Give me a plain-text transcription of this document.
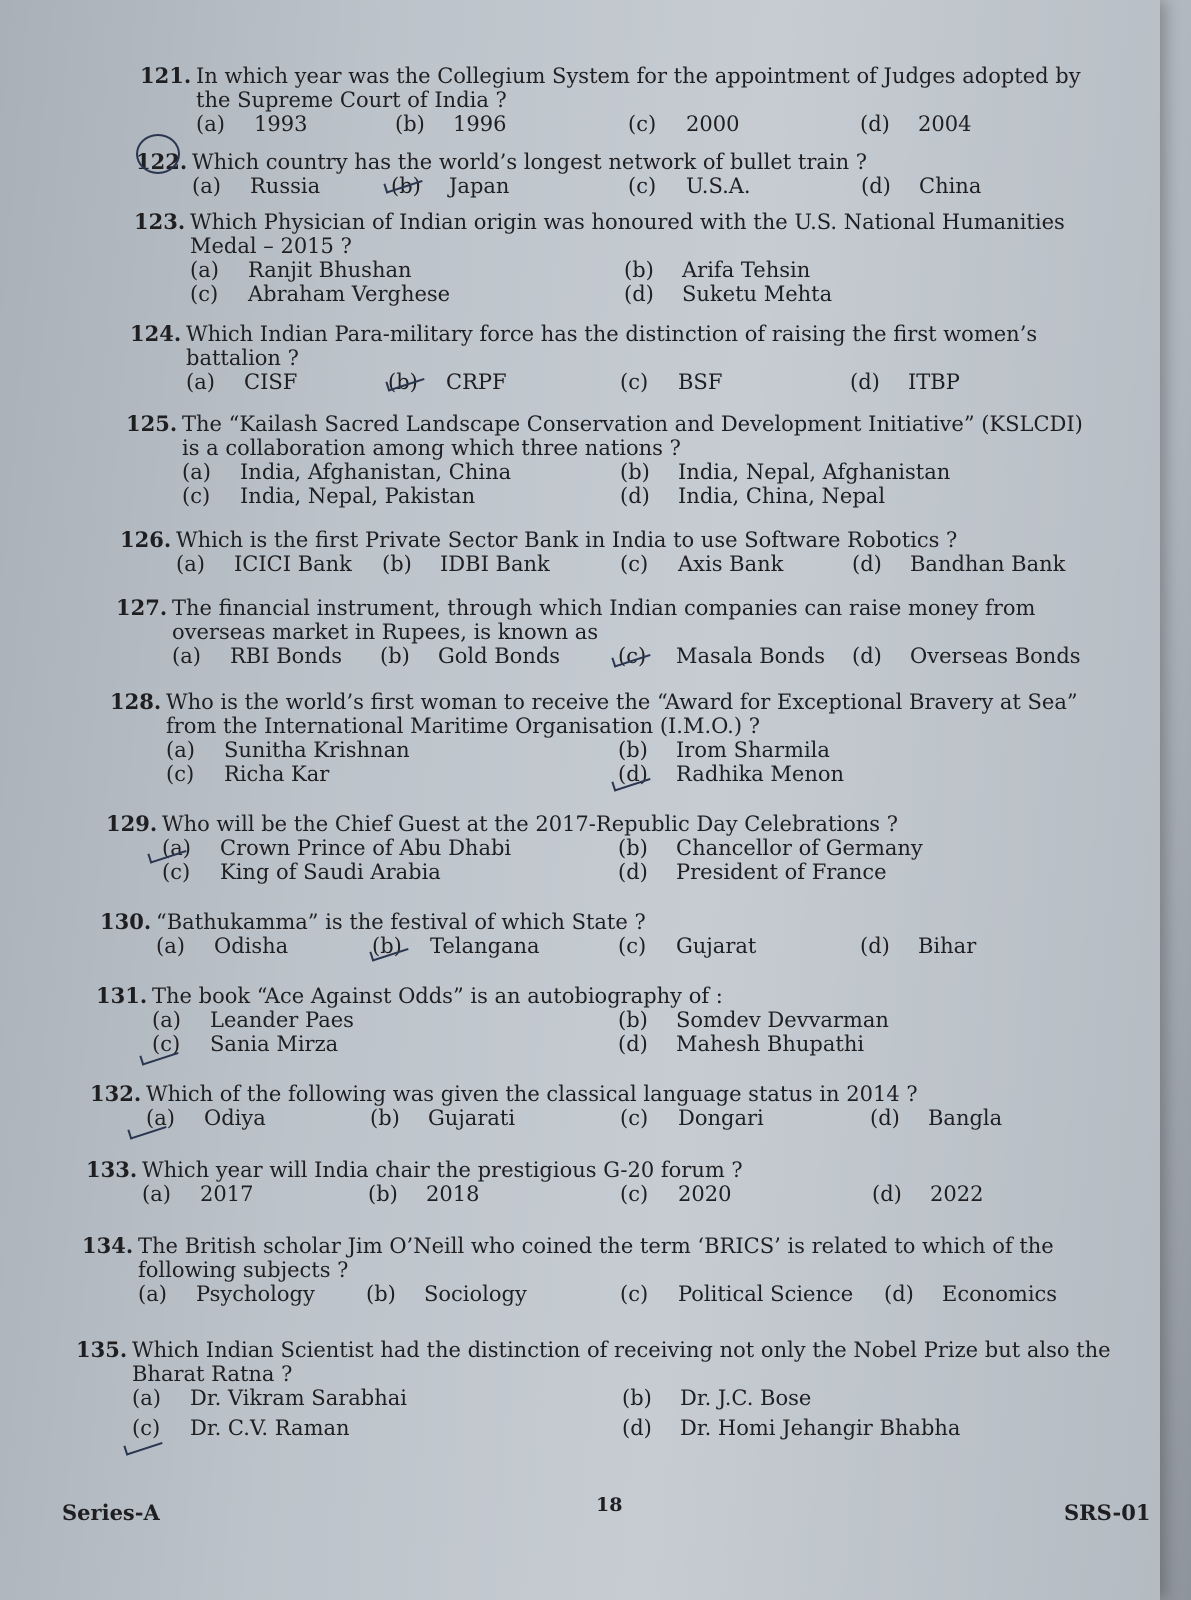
121. In which year was the Collegium System for the appointment of Judges adopted by the Supreme Court of India ?
(a) 1993	(b) 1996	(c) 2000	(d) 2004
122. Which country has the world’s longest network of bullet train ?
(a) Russia	(b) Japan	(c) U.S.A.	(d) China
123. Which Physician of Indian origin was honoured with the U.S. National Humanities Medal – 2015 ?
(a) Ranjit Bhushan	(b) Arifa Tehsin
(c) Abraham Verghese	(d) Suketu Mehta
124. Which Indian Para-military force has the distinction of raising the first women’s battalion ?
(a) CISF	(b) CRPF	(c) BSF	(d) ITBP
125. The “Kailash Sacred Landscape Conservation and Development Initiative” (KSLCDI) is a collaboration among which three nations ?
(a) India, Afghanistan, China	(b) India, Nepal, Afghanistan
(c) India, Nepal, Pakistan	(d) India, China, Nepal
126. Which is the first Private Sector Bank in India to use Software Robotics ?
(a) ICICI Bank (b) IDBI Bank	(c) Axis Bank	(d) Bandhan Bank
127. The financial instrument, through which Indian companies can raise money from overseas market in Rupees, is known as
(a) RBI Bonds (b) Gold Bonds	(c) Masala Bonds (d) Overseas Bonds
128. Who is the world’s first woman to receive the “Award for Exceptional Bravery at Sea” from the International Maritime Organisation (I.M.O.) ?
(a) Sunitha Krishnan	(b) Irom Sharmila
(c) Richa Kar	(d) Radhika Menon
129. Who will be the Chief Guest at the 2017-Republic Day Celebrations ?
(a) Crown Prince of Abu Dhabi	(b) Chancellor of Germany
(c) King of Saudi Arabia	(d) President of France
130. “Bathukamma” is the festival of which State ?
(a) Odisha	(b) Telangana	(c) Gujarat	(d) Bihar
131. The book “Ace Against Odds” is an autobiography of :
(a) Leander Paes	(b) Somdev Devvarman
(c) Sania Mirza	(d) Mahesh Bhupathi
132. Which of the following was given the classical language status in 2014 ?
(a) Odiya	(b) Gujarati	(c) Dongari	(d) Bangla
133. Which year will India chair the prestigious G-20 forum ?
(a) 2017	(b) 2018	(c) 2020	(d) 2022
134. The British scholar Jim O’Neill who coined the term ‘BRICS’ is related to which of the following subjects ?
(a) Psychology (b) Sociology	(c) Political Science (d) Economics
135. Which Indian Scientist had the distinction of receiving not only the Nobel Prize but also the Bharat Ratna ?
(a) Dr. Vikram Sarabhai	(b) Dr. J.C. Bose
(c) Dr. C.V. Raman	(d) Dr. Homi Jehangir Bhabha
Series-A	18	SRS-01
